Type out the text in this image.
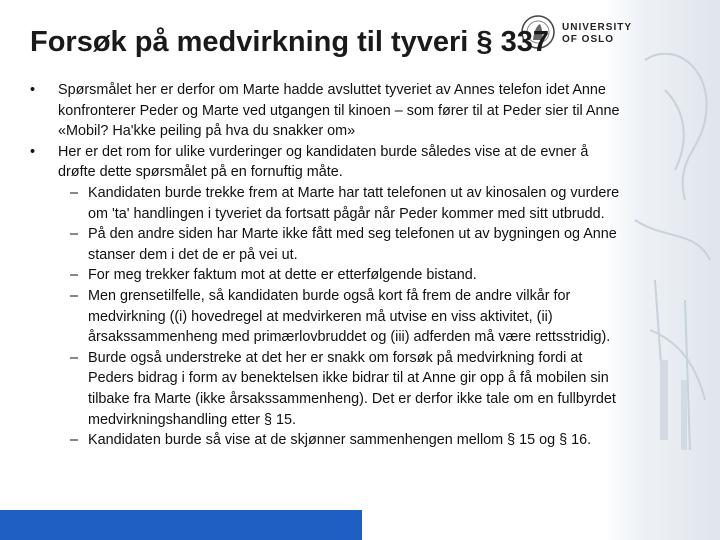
UNIVERSITY
OF OSLO
Forsøk på medvirkning til tyveri § 337

• Spørsmålet her er derfor om Marte hadde avsluttet tyveriet av Annes telefon idet Anne konfronterer Peder og Marte ved utgangen til kinoen – som fører til at Peder sier til Anne «Mobil? Ha'kke peiling på hva du snakker om»

• Her er det rom for ulike vurderinger og kandidaten burde således vise at de evner å drøfte dette spørsmålet på en fornuftig måte.

– Kandidaten burde trekke frem at Marte har tatt telefonen ut av kinosalen og vurdere om 'ta' handlingen i tyveriet da fortsatt pågår når Peder kommer med sitt utbrudd.

– På den andre siden har Marte ikke fått med seg telefonen ut av bygningen og Anne stanser dem i det de er på vei ut.

– For meg trekker faktum mot at dette er etterfølgende bistand.

– Men grensetilfelle, så kandidaten burde også kort få frem de andre vilkår for medvirkning ((i) hovedregel at medvirkeren må utvise en viss aktivitet, (ii) årsakssammenheng med primærlovbruddet og (iii) adferden må være rettsstridig).

– Burde også understreke at det her er snakk om forsøk på medvirkning fordi at Peders bidrag i form av benektelsen ikke bidrar til at Anne gir opp å få mobilen sin tilbake fra Marte (ikke årsakssammenheng). Det er derfor ikke tale om en fullbyrdet medvirkningshandling etter § 15.

– Kandidaten burde så vise at de skjønner sammenhengen mellom § 15 og § 16.
